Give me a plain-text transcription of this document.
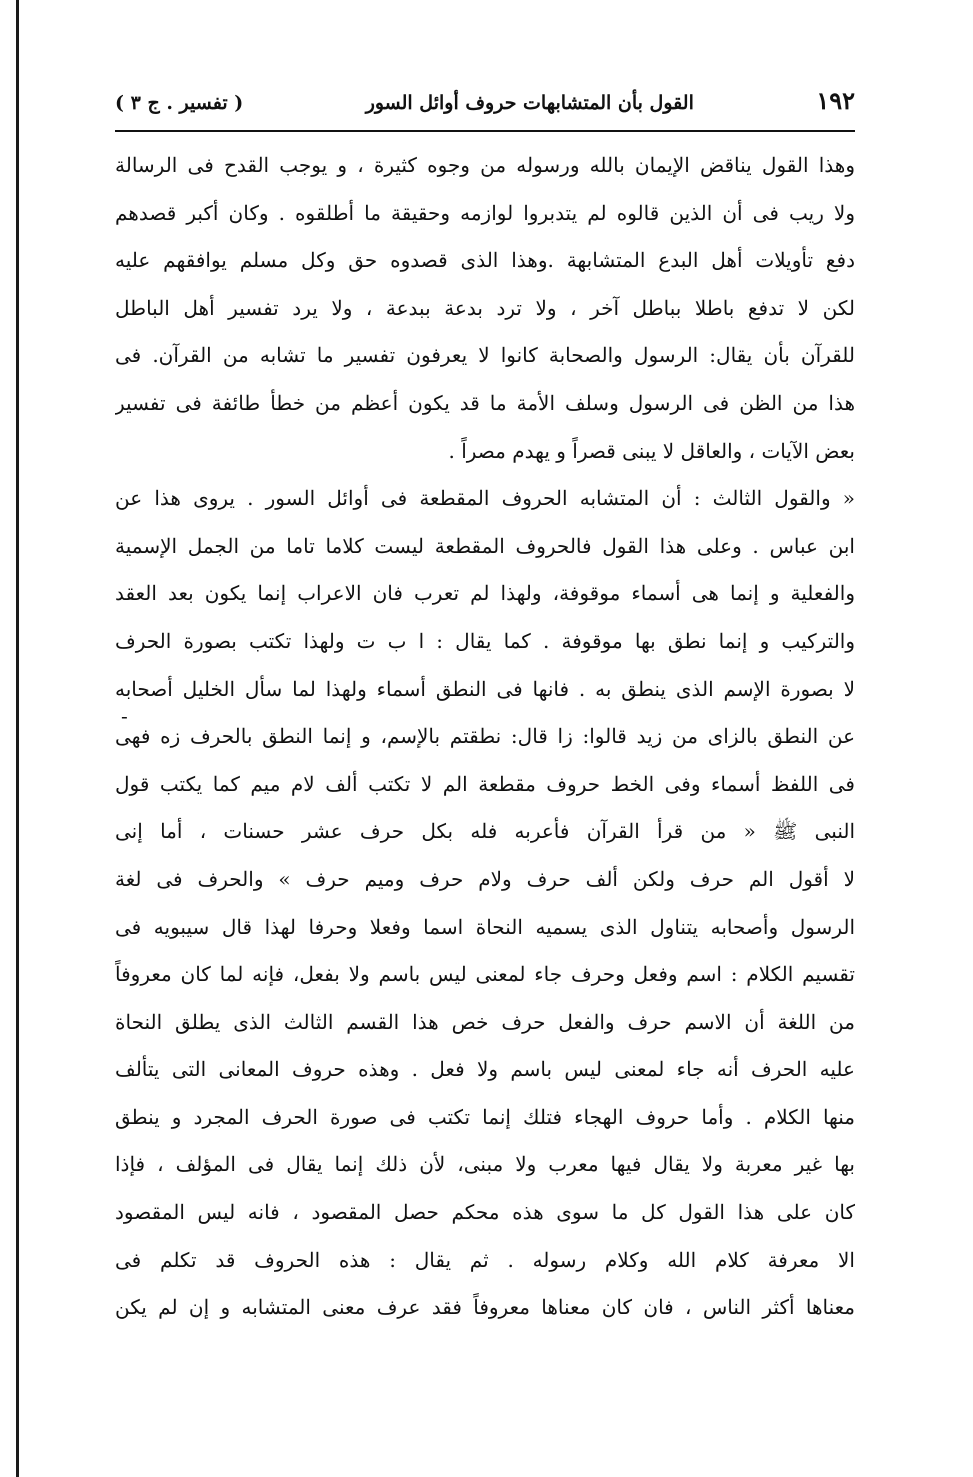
١٩٢
القول بأن المتشابهات حروف أوائل السور
( تفسير . ج ٣ )
وهذا القول يناقض الإيمان بالله ورسوله من وجوه كثيرة ، و يوجب القدح فى الرسالة
ولا ريب فى أن الذين قالوه لم يتدبروا لوازمه وحقيقة ما أطلقوه . وكان أكبر قصدهم
دفع تأويلات أهل البدع المتشابهة .وهذا الذى قصدوه حق وكل مسلم يوافقهم عليه
لكن لا تدفع باطلا بباطل آخر ، ولا ترد بدعة ببدعة ، ولا يرد تفسير أهل الباطل
للقرآن بأن يقال: الرسول والصحابة كانوا لا يعرفون تفسير ما تشابه من القرآن. فى
هذا من الظن فى الرسول وسلف الأمة ما قد يكون أعظم من خطأ طائفة فى تفسير
بعض الآيات ، والعاقل لا يبنى قصراً و يهدم مصراً .
« والقول الثالث : أن المتشابه الحروف المقطعة فى أوائل السور . يروى هذا عن
ابن عباس . وعلى هذا القول فالحروف المقطعة ليست كلاما تاما من الجمل الإسمية
والفعلية و إنما هى أسماء موقوفة، ولهذا لم تعرب فان الاعراب إنما يكون بعد العقد
والتركيب و إنما نطق بها موقوفة . كما يقال : ا ب ت ولهذا تكتب بصورة الحرف
لا بصورة الإسم الذى ينطق به . فانها فى النطق أسماء ولهذا لما سأل الخليل أصحابه
عن النطق بالزاى من زيد قالوا: زا قال: نطقتم بالإسم، و إنما النطق بالحرف زه فهى
فى اللفظ أسماء وفى الخط حروف مقطعة الم لا تكتب ألف لام ميم كما يكتب قول
النبى ﷺ « من قرأ القرآن فأعربه فله بكل حرف عشر حسنات ، أما إنى
لا أقول الم حرف ولكن ألف حرف ولام حرف وميم حرف » والحرف فى لغة
الرسول وأصحابه يتناول الذى يسميه النحاة اسما وفعلا وحرفا لهذا قال سيبويه فى
تقسيم الكلام : اسم وفعل وحرف جاء لمعنى ليس باسم ولا بفعل، فإنه لما كان معروفاً
من اللغة أن الاسم حرف والفعل حرف خص هذا القسم الثالث الذى يطلق النحاة
عليه الحرف أنه جاء لمعنى ليس باسم ولا فعل . وهذه حروف المعانى التى يتألف
منها الكلام . وأما حروف الهجاء فتلك إنما تكتب فى صورة الحرف المجرد و ينطق
بها غير معربة ولا يقال فيها معرب ولا مبنى، لأن ذلك إنما يقال فى المؤلف ، فإذا
كان على هذا القول كل ما سوى هذه محكم حصل المقصود ، فانه ليس المقصود
الا معرفة كلام الله وكلام رسوله . ثم يقال : هذه الحروف قد تكلم فى
معناها أكثر الناس ، فان كان معناها معروفاً فقد عرف معنى المتشابه و إن لم يكن
-
